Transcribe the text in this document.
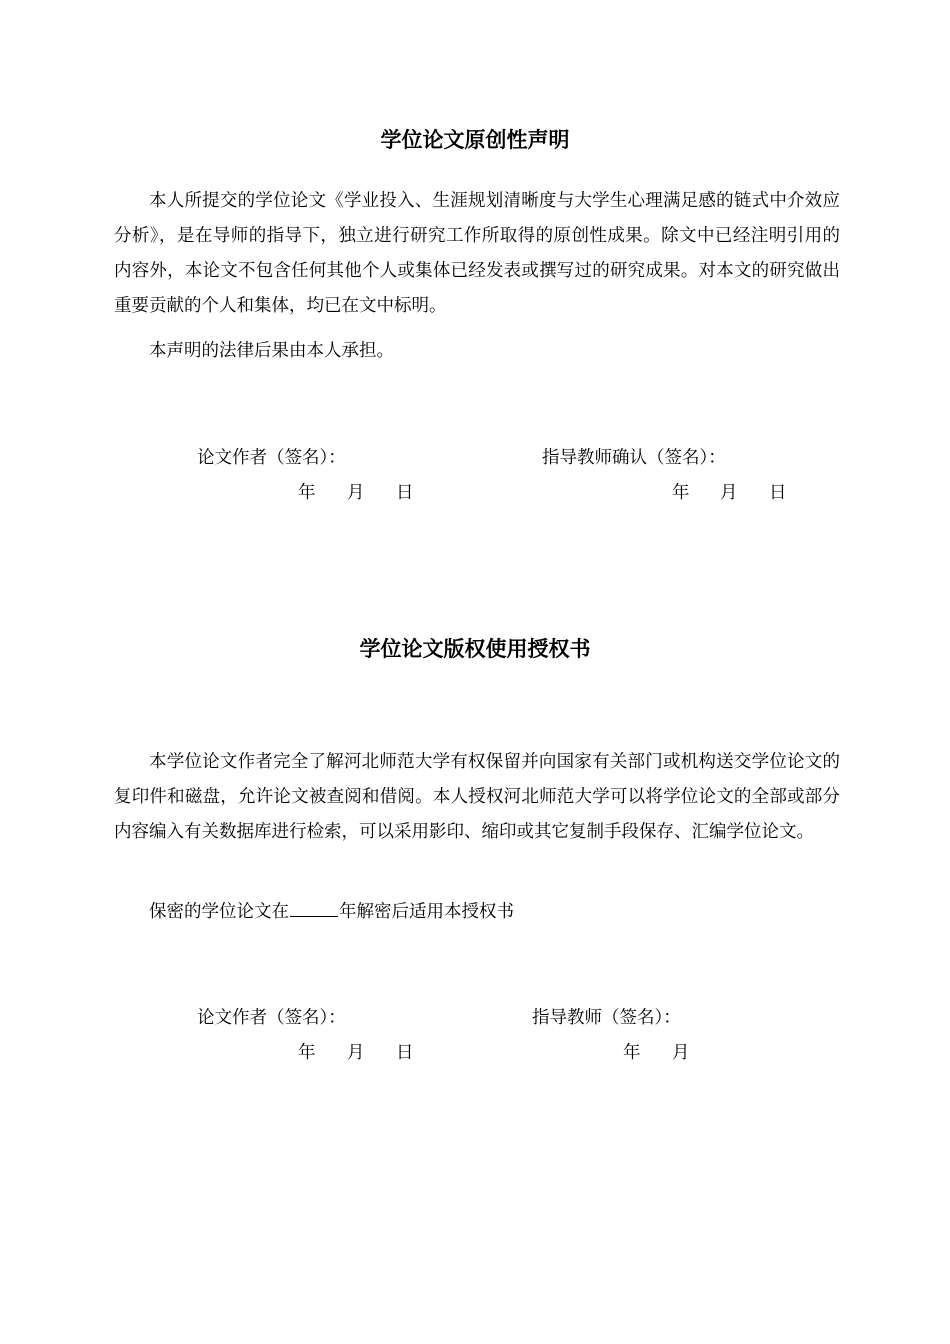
学位论文原创性声明

本人所提交的学位论文《学业投入、生涯规划清晰度与大学生心理满足感的链式中介效应分析》，是在导师的指导下，独立进行研究工作所取得的原创性成果。除文中已经注明引用的内容外，本论文不包含任何其他个人或集体已经发表或撰写过的研究成果。对本文的研究做出重要贡献的个人和集体，均已在文中标明。

本声明的法律后果由本人承担。

论文作者（签名）：	指导教师确认（签名）：
年 月 日	年 月 日
学位论文版权使用授权书

本学位论文作者完全了解河北师范大学有权保留并向国家有关部门或机构送交学位论文的复印件和磁盘，允许论文被查阅和借阅。本人授权河北师范大学可以将学位论文的全部或部分内容编入有关数据库进行检索，可以采用影印、缩印或其它复制手段保存、汇编学位论文。

保密的学位论文在	年解密后适用本授权书
论文作者（签名）：	指导教师（签名）：
年 月 日	年 月
